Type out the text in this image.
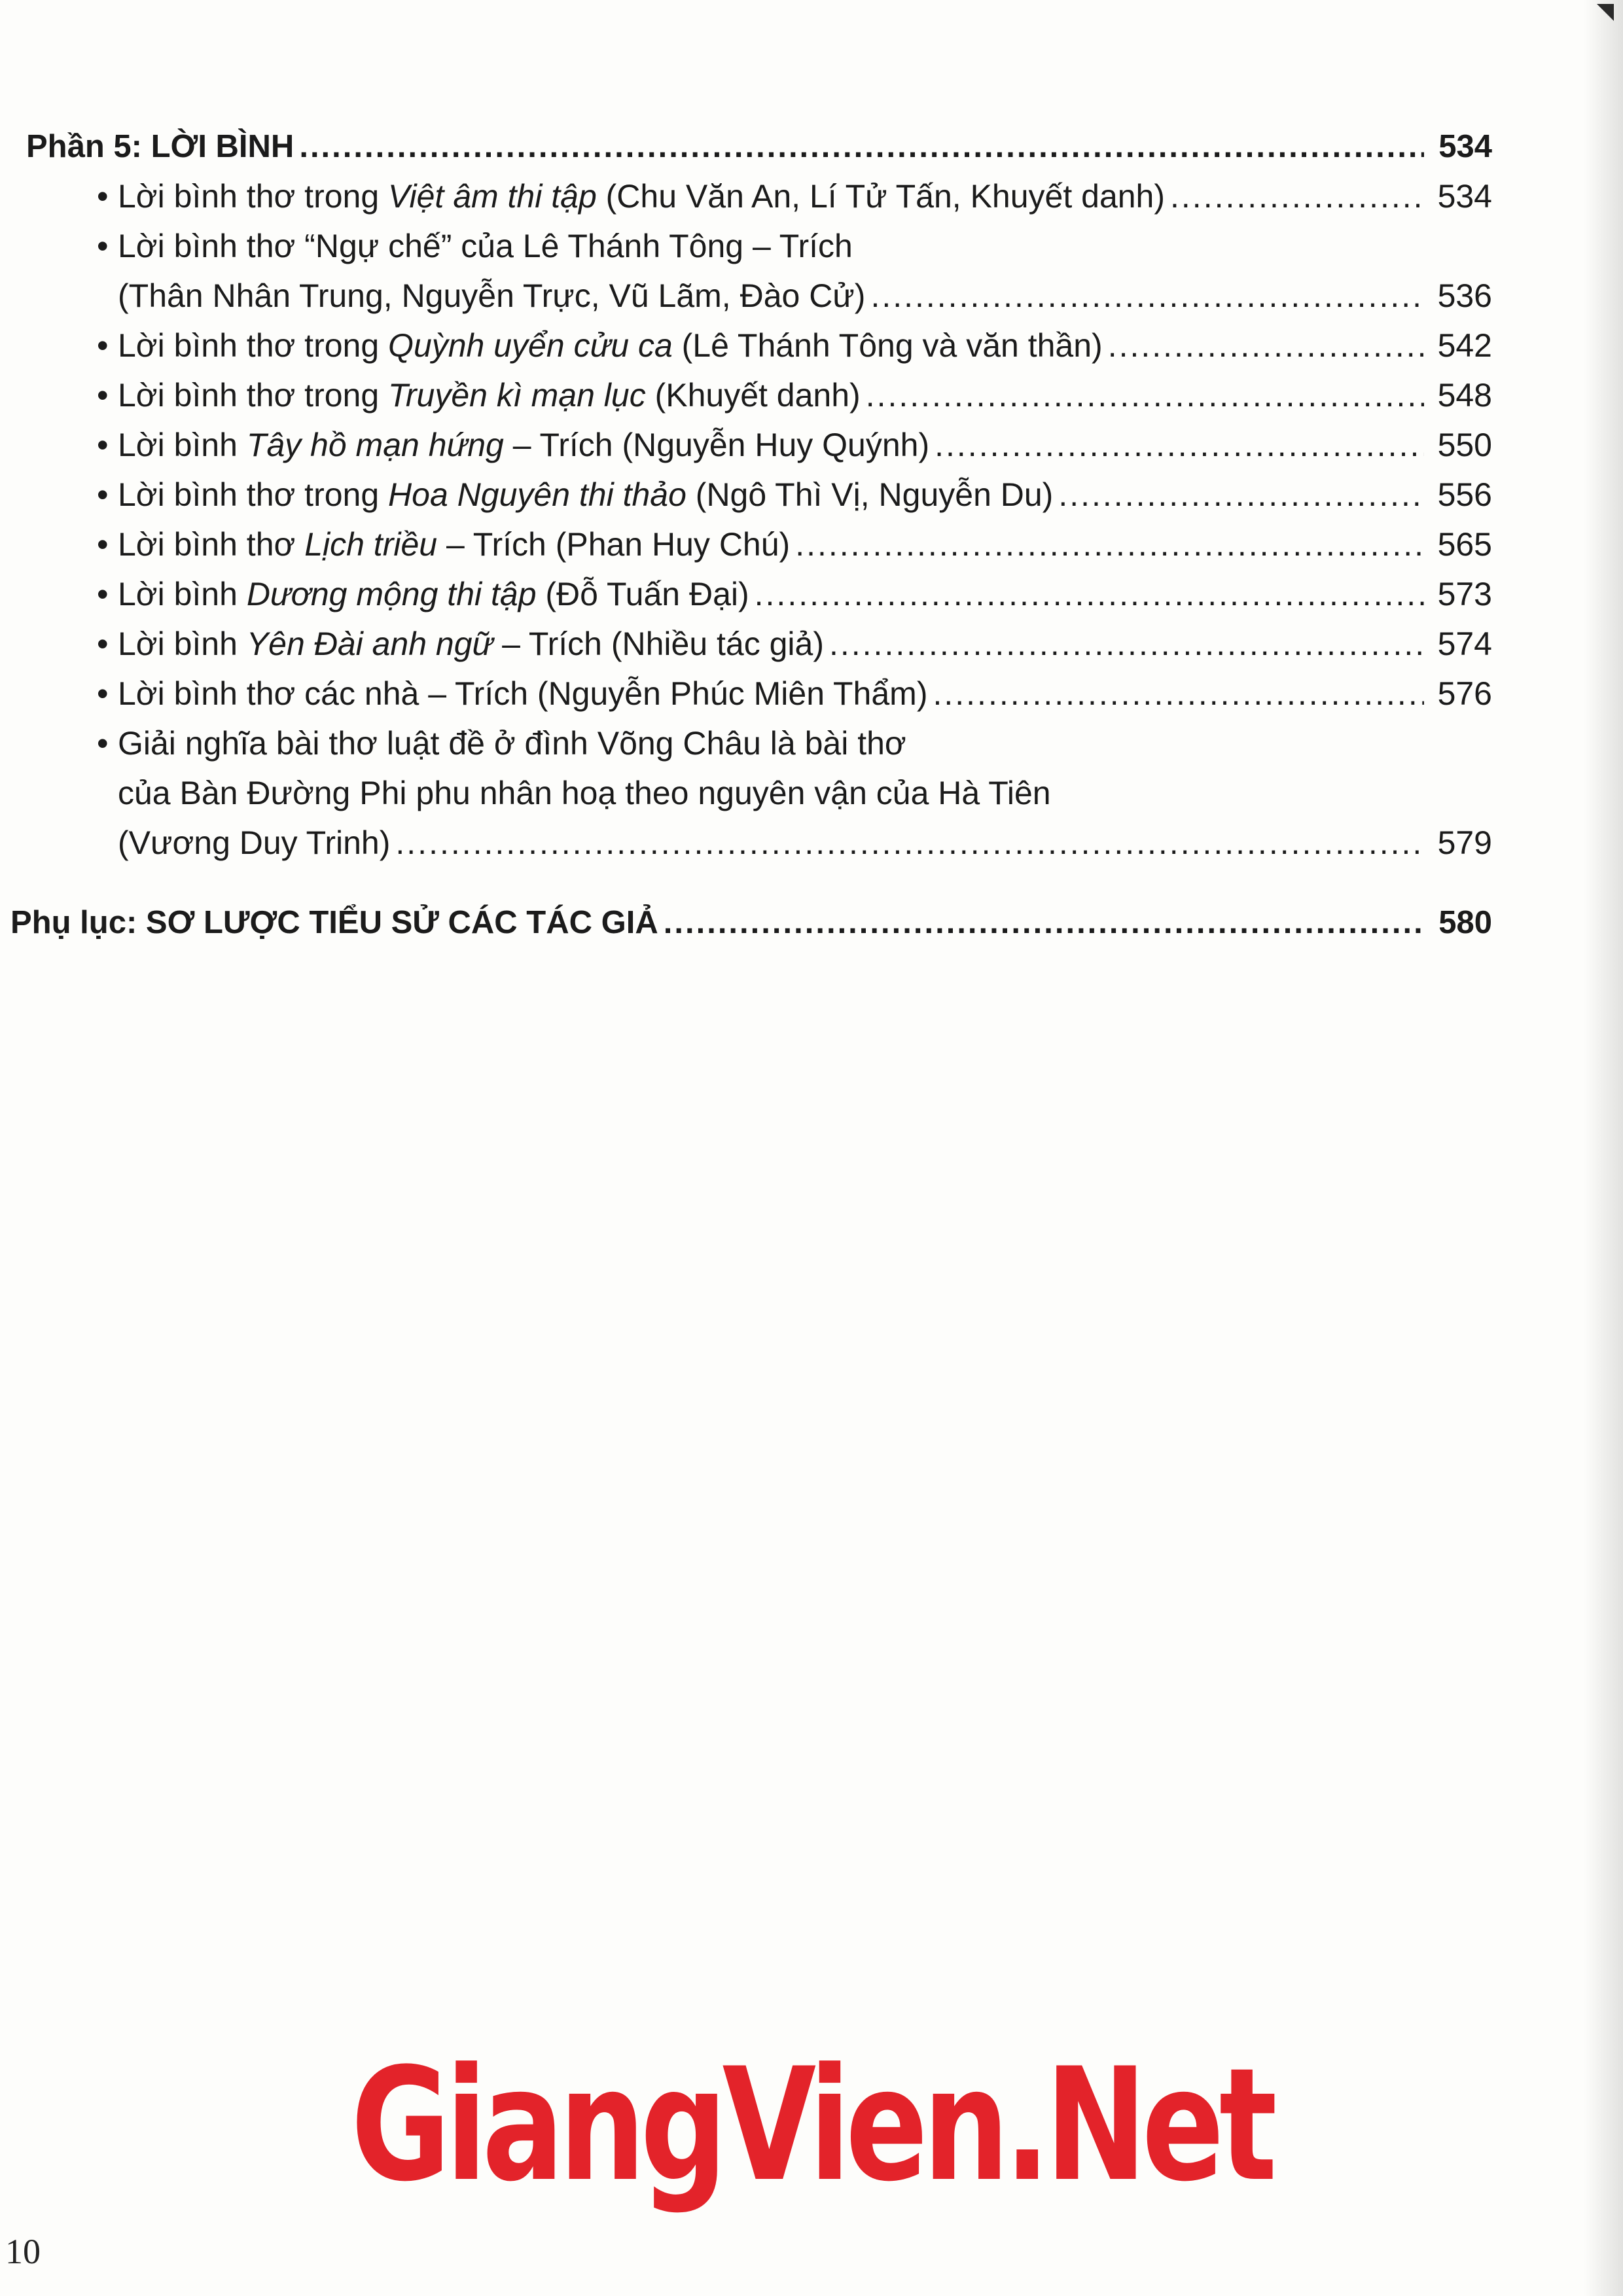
Phần 5: LỜI BÌNH .....	534
• Lời bình thơ trong Việt âm thi tập (Chu Văn An, Lí Tử Tấn, Khuyết danh) .....	534
• Lời bình thơ “Ngự chế” của Lê Thánh Tông – Trích
(Thân Nhân Trung, Nguyễn Trực, Vũ Lãm, Đào Cử) .....	536
• Lời bình thơ trong Quỳnh uyển cửu ca (Lê Thánh Tông và văn thần) .....	542
• Lời bình thơ trong Truyền kì mạn lục (Khuyết danh) .....	548
• Lời bình Tây hồ mạn hứng – Trích (Nguyễn Huy Quýnh) .....	550
• Lời bình thơ trong Hoa Nguyên thi thảo (Ngô Thì Vị, Nguyễn Du) .....	556
• Lời bình thơ Lịch triều – Trích (Phan Huy Chú) .....	565
• Lời bình Dương mộng thi tập (Đỗ Tuấn Đại) .....	573
• Lời bình Yên Đài anh ngữ – Trích (Nhiều tác giả) .....	574
• Lời bình thơ các nhà – Trích (Nguyễn Phúc Miên Thẩm) .....	576
• Giải nghĩa bài thơ luật đề ở đình Võng Châu là bài thơ
của Bàn Đường Phi phu nhân hoạ theo nguyên vận của Hà Tiên
(Vương Duy Trinh) .....	579
Phụ lục: SƠ LƯỢC TIỂU SỬ CÁC TÁC GIẢ .....	580
GiangVien.Net
10
